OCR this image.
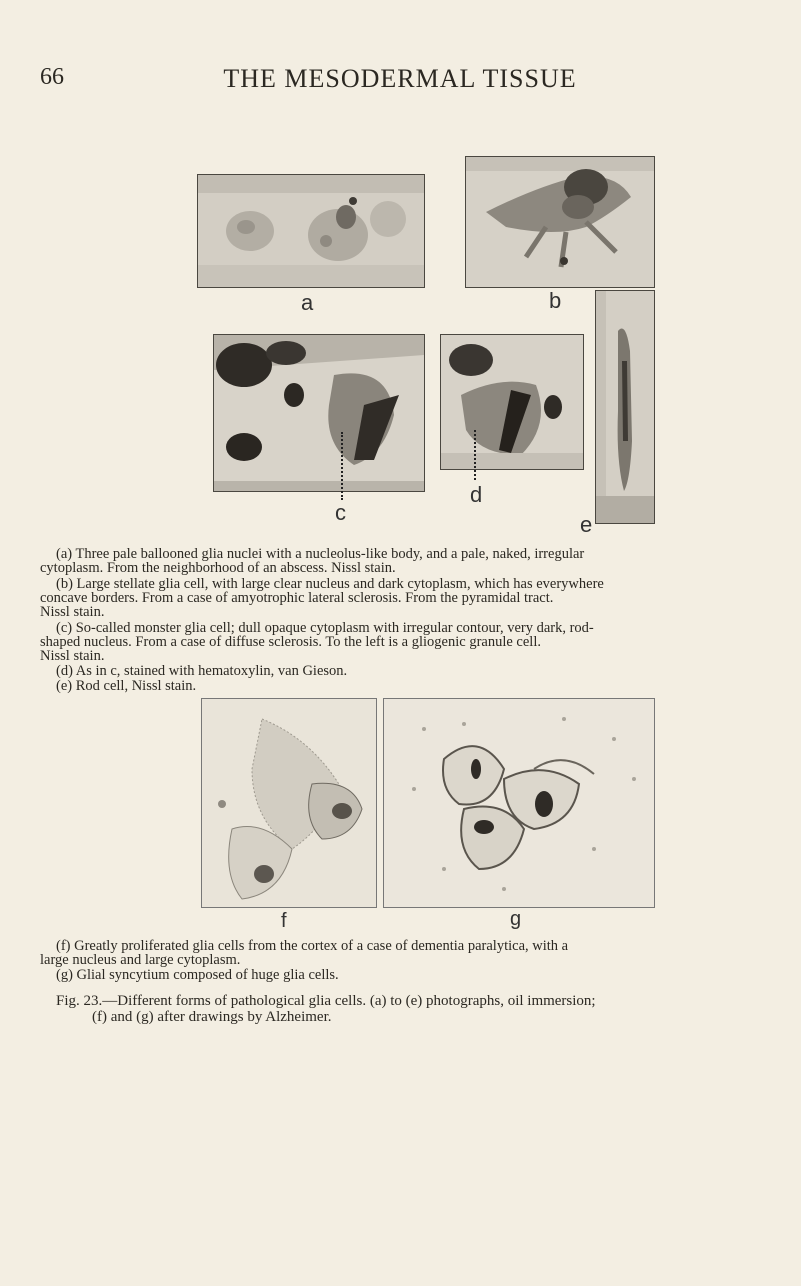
66	THE MESODERMAL TISSUE
a	b
c
d
e
(a) Three pale ballooned glia nuclei with a nucleolus-like body, and a pale, naked, irregular
cytoplasm. From the neighborhood of an abscess. Nissl stain.
(b) Large stellate glia cell, with large clear nucleus and dark cytoplasm, which has everywhere
concave borders. From a case of amyotrophic lateral sclerosis. From the pyramidal tract.
Nissl stain.
(c) So-called monster glia cell; dull opaque cytoplasm with irregular contour, very dark, rod-
shaped nucleus. From a case of diffuse sclerosis. To the left is a gliogenic granule cell.
Nissl stain.
(d) As in c, stained with hematoxylin, van Gieson.
(e) Rod cell, Nissl stain.
f	g
(f) Greatly proliferated glia cells from the cortex of a case of dementia paralytica, with a
large nucleus and large cytoplasm.
(g) Glial syncytium composed of huge glia cells.
Fig. 23.—Different forms of pathological glia cells. (a) to (e) photographs, oil immersion;
(f) and (g) after drawings by Alzheimer.
